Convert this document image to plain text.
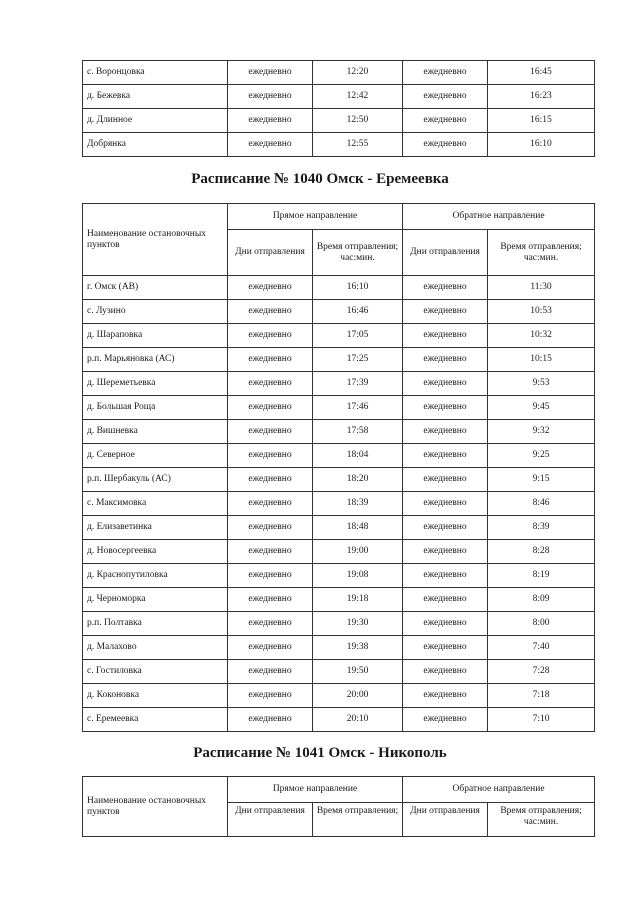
с. Воронцовка	ежедневно	12:20	ежедневно	16:45
д. Бежевка	ежедневно	12:42	ежедневно	16:23
д. Длинное	ежедневно	12:50	ежедневно	16:15
Добрянка	ежедневно	12:55	ежедневно	16:10
Расписание № 1040 Омск - Еремеевка
Наименование остановочных пунктов	Прямое направление		Обратное направление	
	Дни отправления	Время отправления; час:мин.	Дни отправления	Время отправления; час:мин.
г. Омск (АВ)	ежедневно	16:10	ежедневно	11:30
с. Лузино	ежедневно	16:46	ежедневно	10:53
д. Шараповка	ежедневно	17:05	ежедневно	10:32
р.п. Марьяновка (АС)	ежедневно	17:25	ежедневно	10:15
д. Шереметьевка	ежедневно	17:39	ежедневно	9:53
д. Большая Роща	ежедневно	17:46	ежедневно	9:45
д. Вишневка	ежедневно	17:58	ежедневно	9:32
д. Северное	ежедневно	18:04	ежедневно	9:25
р.п. Шербакуль (АС)	ежедневно	18:20	ежедневно	9:15
с. Максимовка	ежедневно	18:39	ежедневно	8:46
д. Елизаветинка	ежедневно	18:48	ежедневно	8:39
д. Новосергеевка	ежедневно	19:00	ежедневно	8:28
д. Краснопутиловка	ежедневно	19:08	ежедневно	8:19
д. Черноморка	ежедневно	19:18	ежедневно	8:09
р.п. Полтавка	ежедневно	19:30	ежедневно	8:00
д. Малахово	ежедневно	19:38	ежедневно	7:40
с. Гостиловка	ежедневно	19:50	ежедневно	7:28
д. Коконовка	ежедневно	20:00	ежедневно	7:18
с. Еремеевка	ежедневно	20:10	ежедневно	7:10
Расписание № 1041 Омск - Никополь
Наименование остановочных пунктов	Прямое направление		Обратное направление	
	Дни отправления	Время отправления;	Дни отправления	Время отправления; час:мин.
